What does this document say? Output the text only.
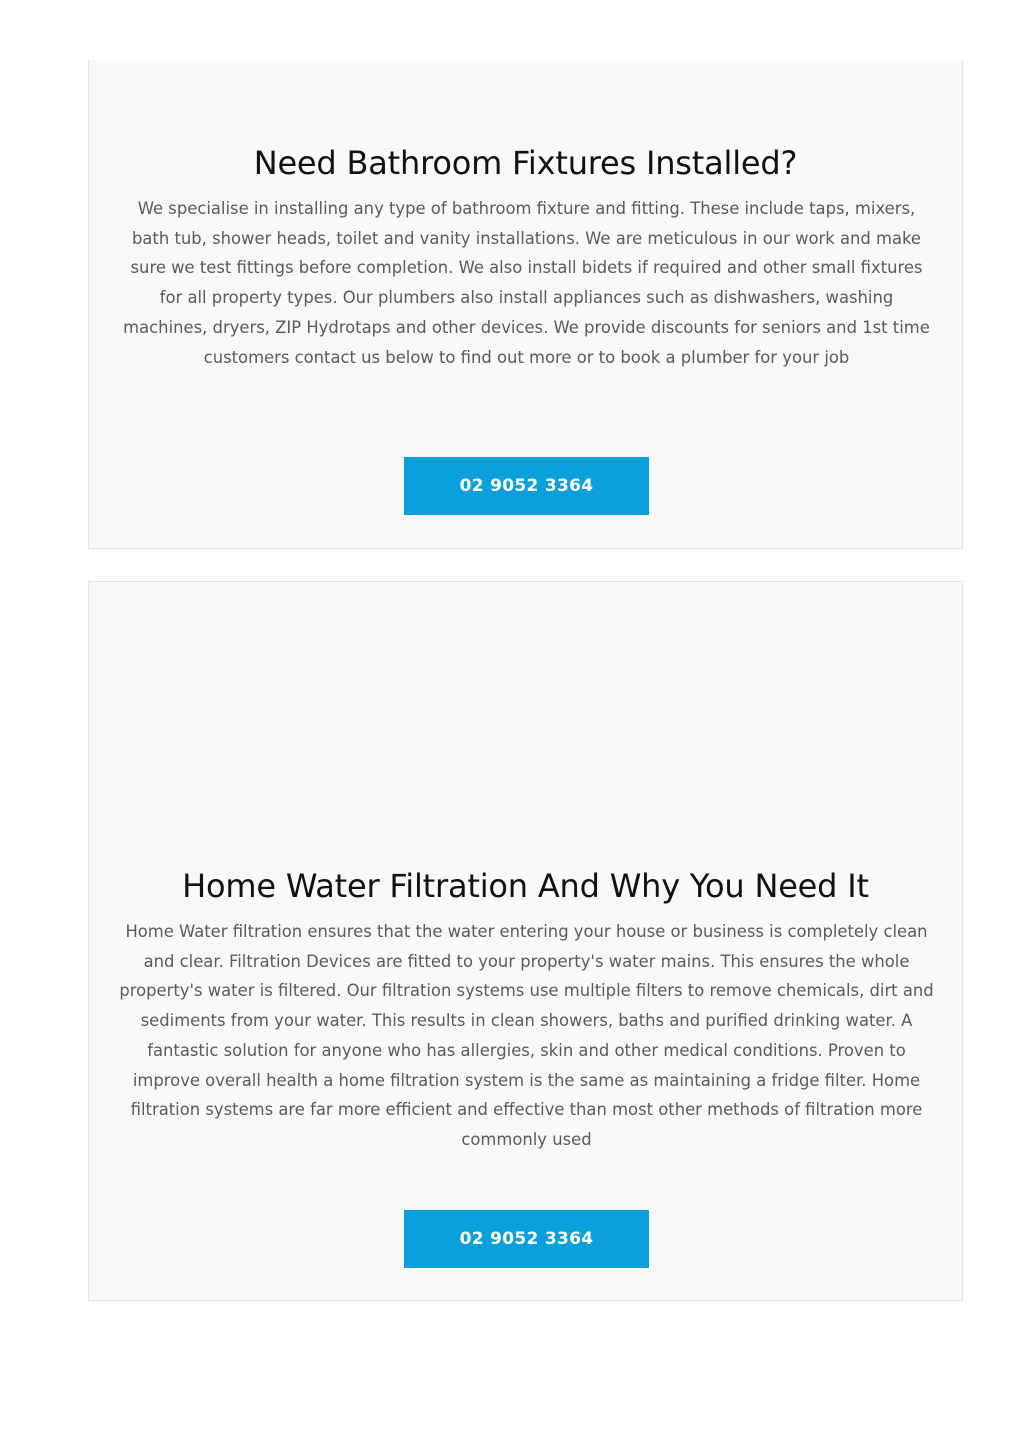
Need Bathroom Fixtures Installed?

We specialise in installing any type of bathroom fixture and fitting. These include taps, mixers, bath tub, shower heads, toilet and vanity installations. We are meticulous in our work and make sure we test fittings before completion. We also install bidets if required and other small fixtures for all property types. Our plumbers also install appliances such as dishwashers, washing machines, dryers, ZIP Hydrotaps and other devices. We provide discounts for seniors and 1st time customers contact us below to find out more or to book a plumber for your job

02 9052 3364
Home Water Filtration And Why You Need It

Home Water filtration ensures that the water entering your house or business is completely clean and clear. Filtration Devices are fitted to your property's water mains. This ensures the whole property's water is filtered. Our filtration systems use multiple filters to remove chemicals, dirt and sediments from your water. This results in clean showers, baths and purified drinking water. A fantastic solution for anyone who has allergies, skin and other medical conditions. Proven to improve overall health a home filtration system is the same as maintaining a fridge filter. Home filtration systems are far more efficient and effective than most other methods of filtration more commonly used

02 9052 3364
